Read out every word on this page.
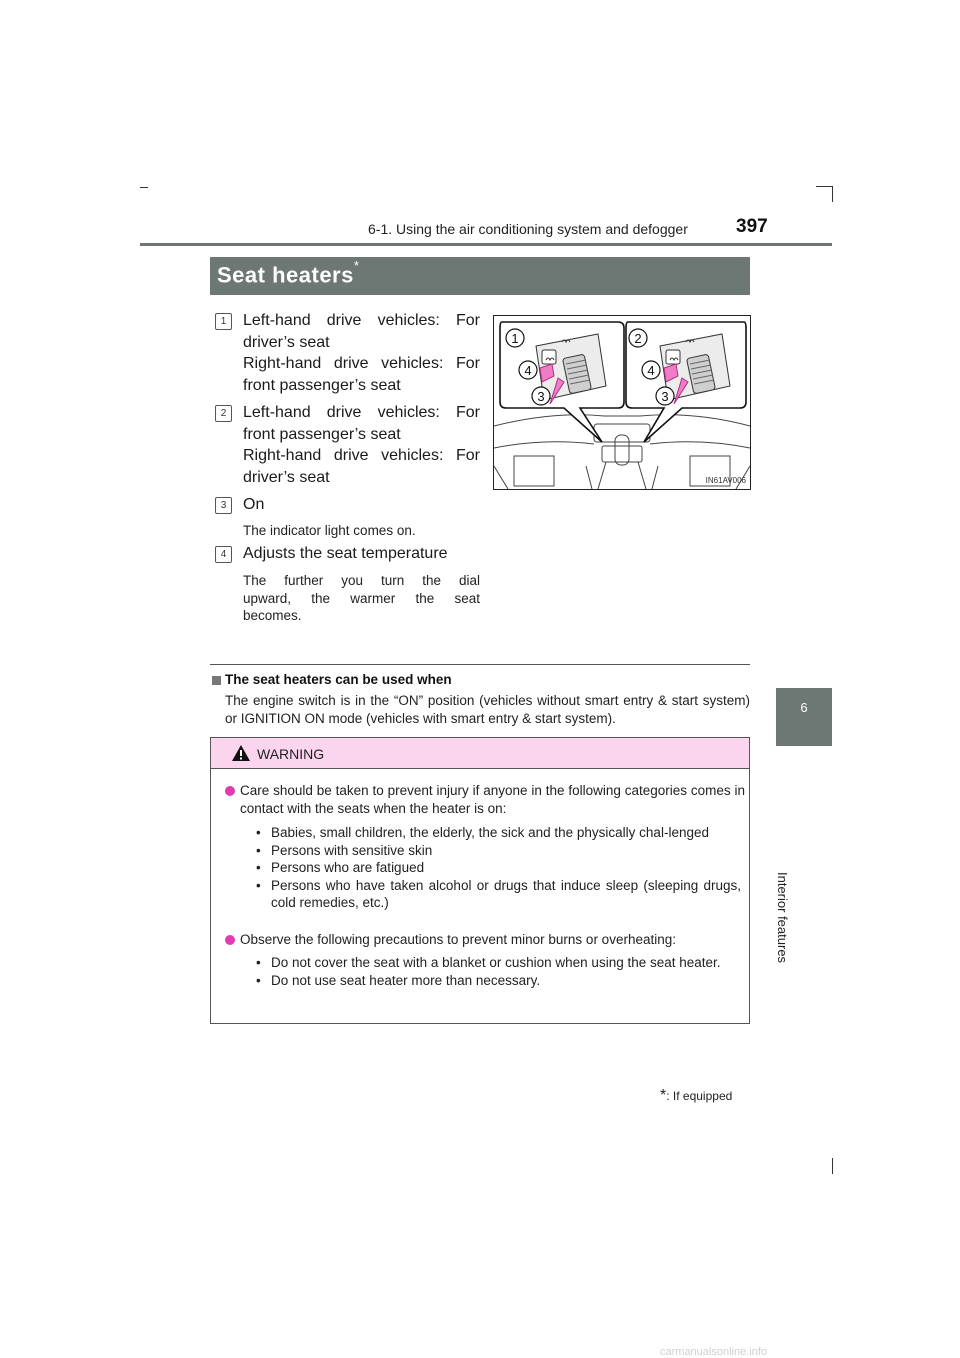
6-1. Using the air conditioning system and defogger	397
6
Interior features
Seat heaters*
1	Left-hand drive vehicles: For
driver’s seat
Right-hand drive vehicles: For
front passenger’s seat
2	Left-hand drive vehicles: For
front passenger’s seat
Right-hand drive vehicles: For
driver’s seat
3	On
The indicator light comes on.
4	Adjusts the seat temperature
The further you turn the dial
upward, the warmer the seat
becomes.
1	2
4	4
3	3
IN61AV006
The seat heaters can be used when
The engine switch is in the “ON” position (vehicles without smart entry & start system) or IGNITION ON mode (vehicles with smart entry & start system).
WARNING
Care should be taken to prevent injury if anyone in the following categories comes in contact with the seats when the heater is on:
• Babies, small children, the elderly, the sick and the physically chal-lenged
• Persons with sensitive skin
• Persons who are fatigued
• Persons who have taken alcohol or drugs that induce sleep (sleeping drugs, cold remedies, etc.)
Observe the following precautions to prevent minor burns or overheating:
• Do not cover the seat with a blanket or cushion when using the seat heater.
• Do not use seat heater more than necessary.
*: If equipped
carmanualsonline.info
